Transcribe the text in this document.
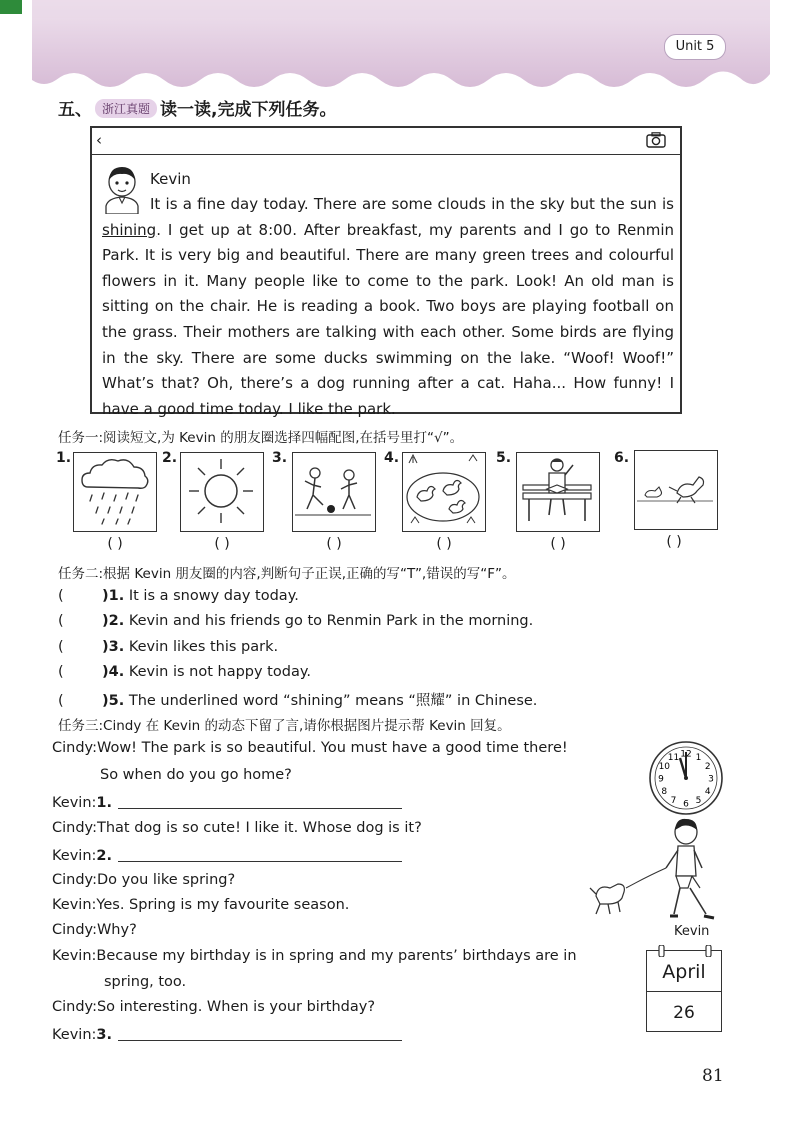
Unit 5
五、 浙江真题 读一读,完成下列任务。
‹
Kevin
It is a fine day today. There are some clouds in the sky but the sun is shining. I get up at 8:00. After breakfast, my parents and I go to Renmin Park. It is very big and beautiful. There are many green trees and colourful flowers in it. Many people like to come to the park. Look! An old man is sitting on the chair. He is reading a book. Two boys are playing football on the grass. Their mothers are talking with each other. Some birds are flying in the sky. There are some ducks swimming on the lake. “Woof! Woof!” What’s that? Oh, there’s a dog running after a cat. Haha... How funny! I have a good time today. I like the park.
任务一:阅读短文,为 Kevin 的朋友圈选择四幅配图,在括号里打“√”。
1.
( )
2.
( )
3.
( )
4.
( )
5.
( )
6.
( )
任务二:根据 Kevin 朋友圈的内容,判断句子正误,正确的写“T”,错误的写“F”。
(	)1. It is a snowy day today.
(	)2. Kevin and his friends go to Renmin Park in the morning.
(	)3. Kevin likes this park.
(	)4. Kevin is not happy today.
(	)5. The underlined word “shining” means “照耀” in Chinese.
任务三:Cindy 在 Kevin 的动态下留了言,请你根据图片提示帮 Kevin 回复。
Cindy:Wow! The park is so beautiful. You must have a good time there!
So when do you go home?
Kevin:1.
Cindy:That dog is so cute! I like it. Whose dog is it?
Kevin:2.
Cindy:Do you like spring?
Kevin:Yes. Spring is my favourite season.
Cindy:Why?
Kevin:Because my birthday is in spring and my parents’ birthdays are in
spring, too.
Cindy:So interesting. When is your birthday?
Kevin:3.
12 1
2
3
4
5
6
7
8
9
10
11
Kevin
April
26
81
